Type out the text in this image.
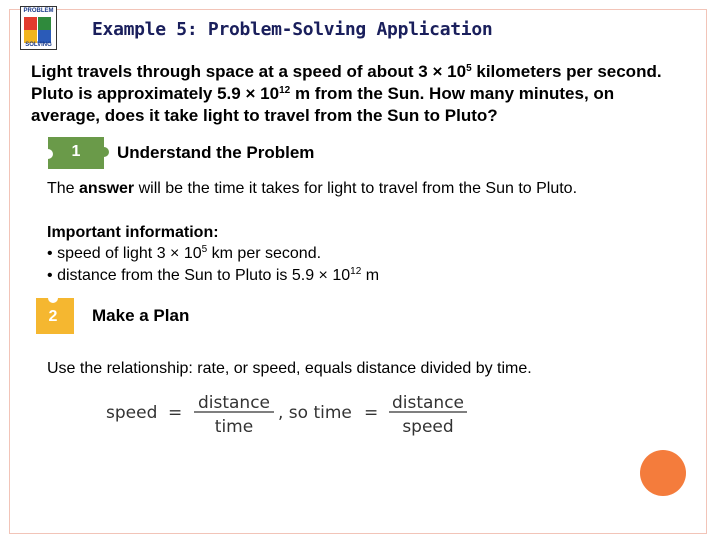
PROBLEM
SOLVING
Example 5: Problem-Solving Application
Light travels through space at a speed of about $3 \times 10^5$ kilometers per second. Pluto is approximately $5.9 \times 10^{12}$ m from the Sun. How many minutes, on average, does it take light to travel from the Sun to Pluto?
1 Understand the Problem
The answer will be the time it takes for light to travel from the Sun to Pluto.
Important information:
• speed of light $3 \times 10^5$ km per second.
• distance from the Sun to Pluto is $5.9 \times 10^{12}$ m
2 Make a Plan
Use the relationship: rate, or speed, equals distance divided by time.
speed = distance
time
, so time = distance
speed
